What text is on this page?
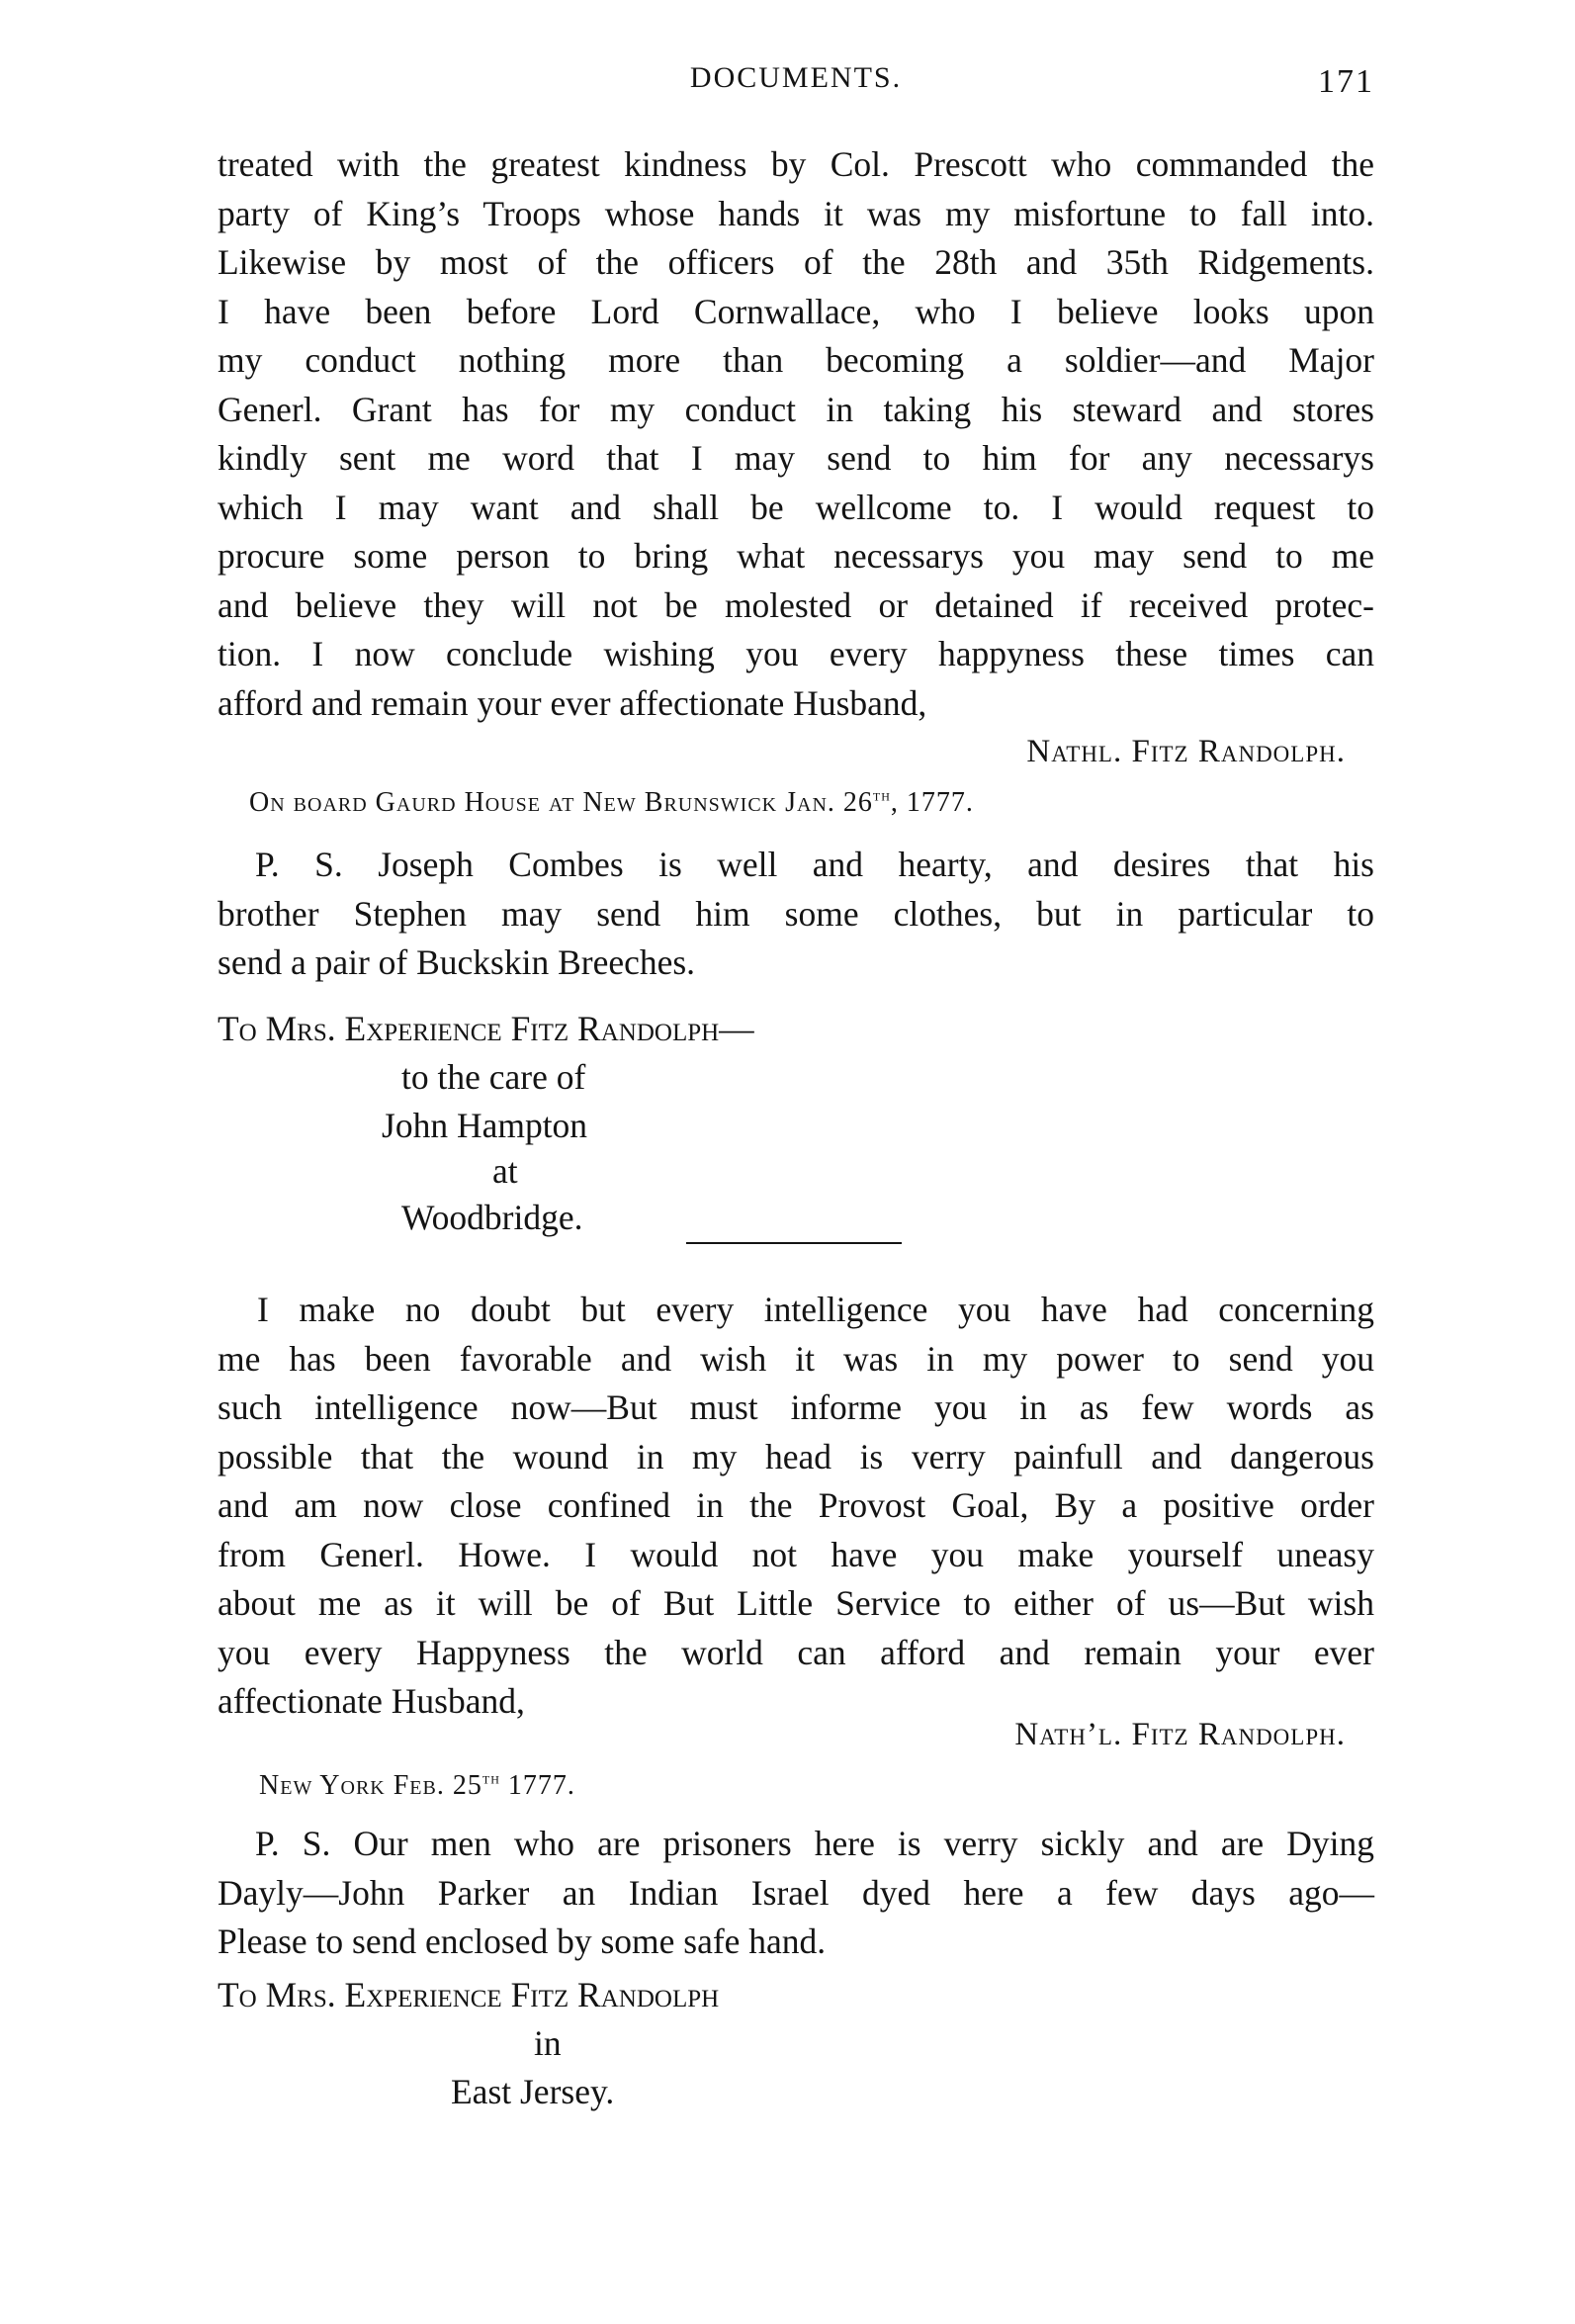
DOCUMENTS.	171

treated with the greatest kindness by Col. Prescott who commanded the

party of King’s Troops whose hands it was my misfortune to fall into.

Likewise by most of the officers of the 28th and 35th Ridgements.

I have been before Lord Cornwallace, who I believe looks upon

my conduct nothing more than becoming a soldier—and Major

Generl. Grant has for my conduct in taking his steward and stores

kindly sent me word that I may send to him for any necessarys

which I may want and shall be wellcome to. I would request to

procure some person to bring what necessarys you may send to me

and believe they will not be molested or detained if received protec-

tion. I now conclude wishing you every happyness these times can

afford and remain your ever affectionate Husband,

Nathl. Fitz Randolph.
On board Gaurd House at New Brunswick Jan. 26th, 1777.

P. S. Joseph Combes is well and hearty, and desires that his

brother Stephen may send him some clothes, but in particular to

send a pair of Buckskin Breeches.

To Mrs. Experience Fitz Randolph—
to the care of
John Hampton
at
Woodbridge.

I make no doubt but every intelligence you have had concerning

me has been favorable and wish it was in my power to send you

such intelligence now—But must informe you in as few words as

possible that the wound in my head is verry painfull and dangerous

and am now close confined in the Provost Goal, By a positive order

from Generl. Howe. I would not have you make yourself uneasy

about me as it will be of But Little Service to either of us—But wish

you every Happyness the world can afford and remain your ever

affectionate Husband,

Nath’l. Fitz Randolph.
New York Feb. 25th 1777.

P. S. Our men who are prisoners here is verry sickly and are Dying

Dayly—John Parker an Indian Israel dyed here a few days ago—

Please to send enclosed by some safe hand.

To Mrs. Experience Fitz Randolph
in
East Jersey.
